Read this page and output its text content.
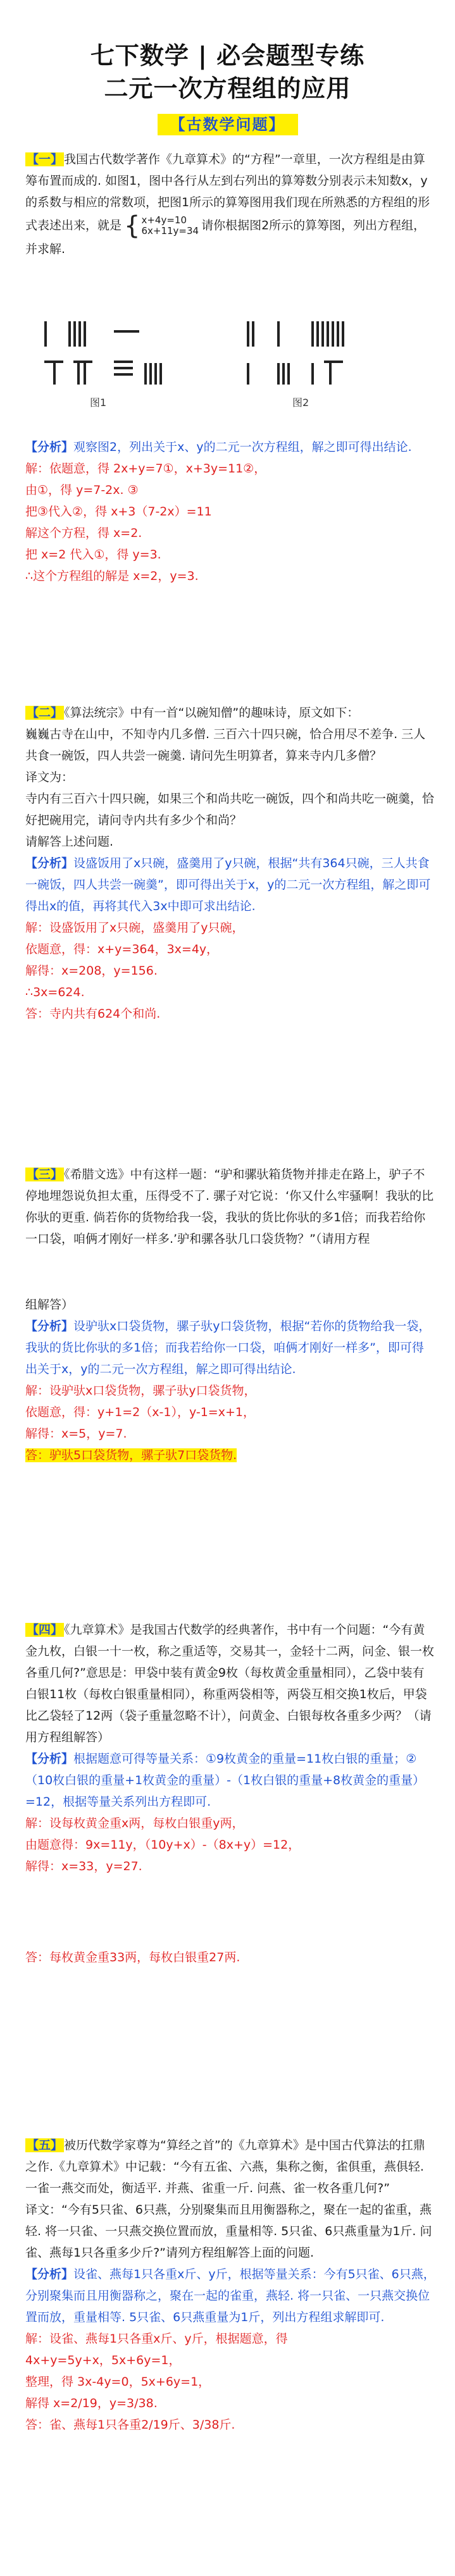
七下数学 | 必会题型专练
二元一次方程组的应用
【古数学问题】

【一】 我国古代数学著作《九章算术》的“方程”一章里，一次方程组是由算筹布置而成的. 如图1，图中各行从左到右列出的算筹数分别表示未知数x，y的系数与相应的常数项，把图1所示的算筹图用我们现在所熟悉的方程组的形式表述出来，就是 { x+4y=10
6x+11y=34 请你根据图2所示的算筹图，列出方程组，并求解.

图1	图2

【分析】观察图2，列出关于x、y的二元一次方程组，解之即可得出结论.

解：依题意，得 2x+y=7①，x+3y=11②，

由①，得 y=7-2x. ③

把③代入②，得 x+3（7-2x）=11

解这个方程，得 x=2.

把 x=2 代入①，得 y=3.

∴这个方程组的解是 x=2，y=3.

【二】 《算法统宗》中有一首“以碗知僧”的趣味诗，原文如下：

巍巍古寺在山中，不知寺内几多僧. 三百六十四只碗，恰合用尽不差争. 三人共食一碗饭，四人共尝一碗羹. 请问先生明算者，算来寺内几多僧？

译文为：

寺内有三百六十四只碗，如果三个和尚共吃一碗饭，四个和尚共吃一碗羹，恰好把碗用完，请问寺内共有多少个和尚？

请解答上述问题.

【分析】设盛饭用了x只碗，盛羹用了y只碗，根据“共有364只碗，三人共食一碗饭，四人共尝一碗羹”，即可得出关于x，y的二元一次方程组，解之即可得出x的值，再将其代入3x中即可求出结论.

解：设盛饭用了x只碗，盛羹用了y只碗，

依题意，得：x+y=364，3x=4y，

解得：x=208，y=156.

∴3x=624.

答：寺内共有624个和尚.

【三】 《希腊文选》中有这样一题：“驴和骡驮箱货物并排走在路上，驴子不停地埋怨说负担太重，压得受不了. 骡子对它说：‘你又什么牢骚啊！我驮的比你驮的更重. 倘若你的货物给我一袋，我驮的货比你驮的多1倍；而我若给你一口袋，咱俩才刚好一样多.’驴和骡各驮几口袋货物？”（请用方程

组解答）

【分析】设驴驮x口袋货物，骡子驮y口袋货物，根据“若你的货物给我一袋，我驮的货比你驮的多1倍；而我若给你一口袋，咱俩才刚好一样多”，即可得出关于x，y的二元一次方程组，解之即可得出结论.

解：设驴驮x口袋货物，骡子驮y口袋货物，

依题意，得：y+1=2（x-1），y-1=x+1，

解得：x=5，y=7.

答：驴驮5口袋货物，骡子驮7口袋货物.

【四】 《九章算术》是我国古代数学的经典著作，书中有一个问题：“今有黄金九枚，白银一十一枚，称之重适等，交易其一，金轻十二两，问金、银一枚各重几何?”意思是：甲袋中装有黄金9枚（每枚黄金重量相同），乙袋中装有白银11枚（每枚白银重量相同），称重两袋相等，两袋互相交换1枚后，甲袋比乙袋轻了12两（袋子重量忽略不计），问黄金、白银每枚各重多少两？（请用方程组解答）

【分析】根据题意可得等量关系：①9枚黄金的重量=11枚白银的重量；②（10枚白银的重量+1枚黄金的重量）-（1枚白银的重量+8枚黄金的重量）=12，根据等量关系列出方程即可.

解：设每枚黄金重x两，每枚白银重y两，

由题意得：9x=11y，（10y+x）-（8x+y）=12，

解得：x=33，y=27.

答：每枚黄金重33两，每枚白银重27两.

【五】 被历代数学家尊为“算经之首”的《九章算术》是中国古代算法的扛鼎之作.《九章算术》中记载：“今有五雀、六燕，集称之衡，雀俱重，燕俱轻. 一雀一燕交而处，衡适平. 并燕、雀重一斤. 问燕、雀一枚各重几何?”

译文：“今有5只雀、6只燕，分别聚集而且用衡器称之，聚在一起的雀重，燕轻. 将一只雀、一只燕交换位置而放，重量相等. 5只雀、6只燕重量为1斤. 问雀、燕每1只各重多少斤?”请列方程组解答上面的问题.

【分析】设雀、燕每1只各重x斤、y斤，根据等量关系：今有5只雀、6只燕，分别聚集而且用衡器称之，聚在一起的雀重，燕轻. 将一只雀、一只燕交换位置而放，重量相等. 5只雀、6只燕重量为1斤，列出方程组求解即可.

解：设雀、燕每1只各重x斤、y斤，根据题意，得

4x+y=5y+x，5x+6y=1，

整理，得 3x-4y=0，5x+6y=1，

解得 x=2/19，y=3/38.

答：雀、燕每1只各重2/19斤、3/38斤.
